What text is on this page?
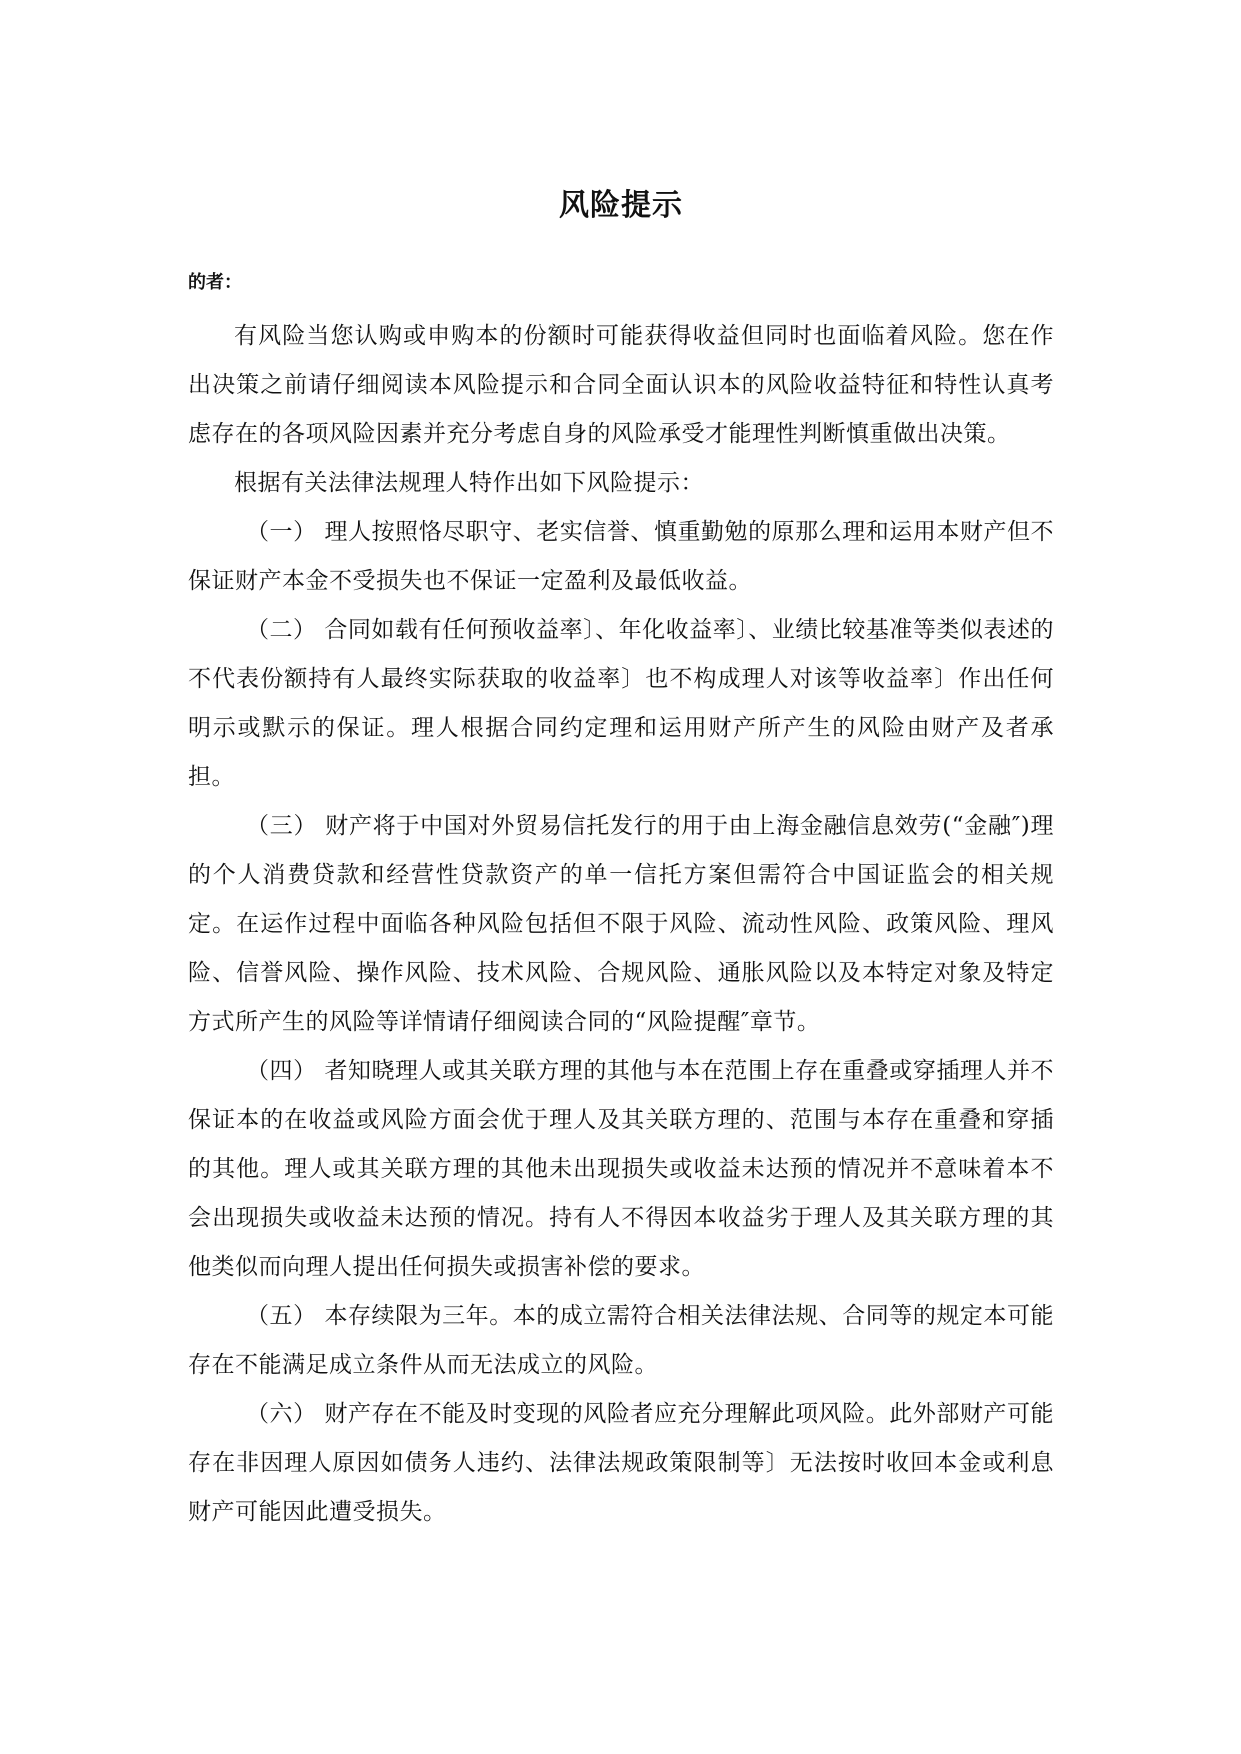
风险提示
的者：

有风险当您认购或申购本的份额时可能获得收益但同时也面临着风险。您在作出决策之前请仔细阅读本风险提示和合同全面认识本的风险收益特征和特性认真考虑存在的各项风险因素并充分考虑自身的风险承受才能理性判断慎重做出决策。

根据有关法律法规理人特作出如下风险提示：

（一） 理人按照恪尽职守、老实信誉、慎重勤勉的原那么理和运用本财产但不保证财产本金不受损失也不保证一定盈利及最低收益。

（二） 合同如载有任何预收益率〕、年化收益率〕、业绩比较基准等类似表述的不代表份额持有人最终实际获取的收益率〕也不构成理人对该等收益率〕作出任何明示或默示的保证。理人根据合同约定理和运用财产所产生的风险由财产及者承担。

（三） 财产将于中国对外贸易信托发行的用于由上海金融信息效劳(“金融″)理的个人消费贷款和经营性贷款资产的单一信托方案但需符合中国证监会的相关规定。在运作过程中面临各种风险包括但不限于风险、流动性风险、政策风险、理风险、信誉风险、操作风险、技术风险、合规风险、通胀风险以及本特定对象及特定方式所产生的风险等详情请仔细阅读合同的“风险提醒″章节。

（四） 者知晓理人或其关联方理的其他与本在范围上存在重叠或穿插理人并不保证本的在收益或风险方面会优于理人及其关联方理的、范围与本存在重叠和穿插的其他。理人或其关联方理的其他未出现损失或收益未达预的情况并不意味着本不会出现损失或收益未达预的情况。持有人不得因本收益劣于理人及其关联方理的其他类似而向理人提出任何损失或损害补偿的要求。

（五） 本存续限为三年。本的成立需符合相关法律法规、合同等的规定本可能存在不能满足成立条件从而无法成立的风险。

（六） 财产存在不能及时变现的风险者应充分理解此项风险。此外部财产可能存在非因理人原因如债务人违约、法律法规政策限制等〕无法按时收回本金或利息财产可能因此遭受损失。
